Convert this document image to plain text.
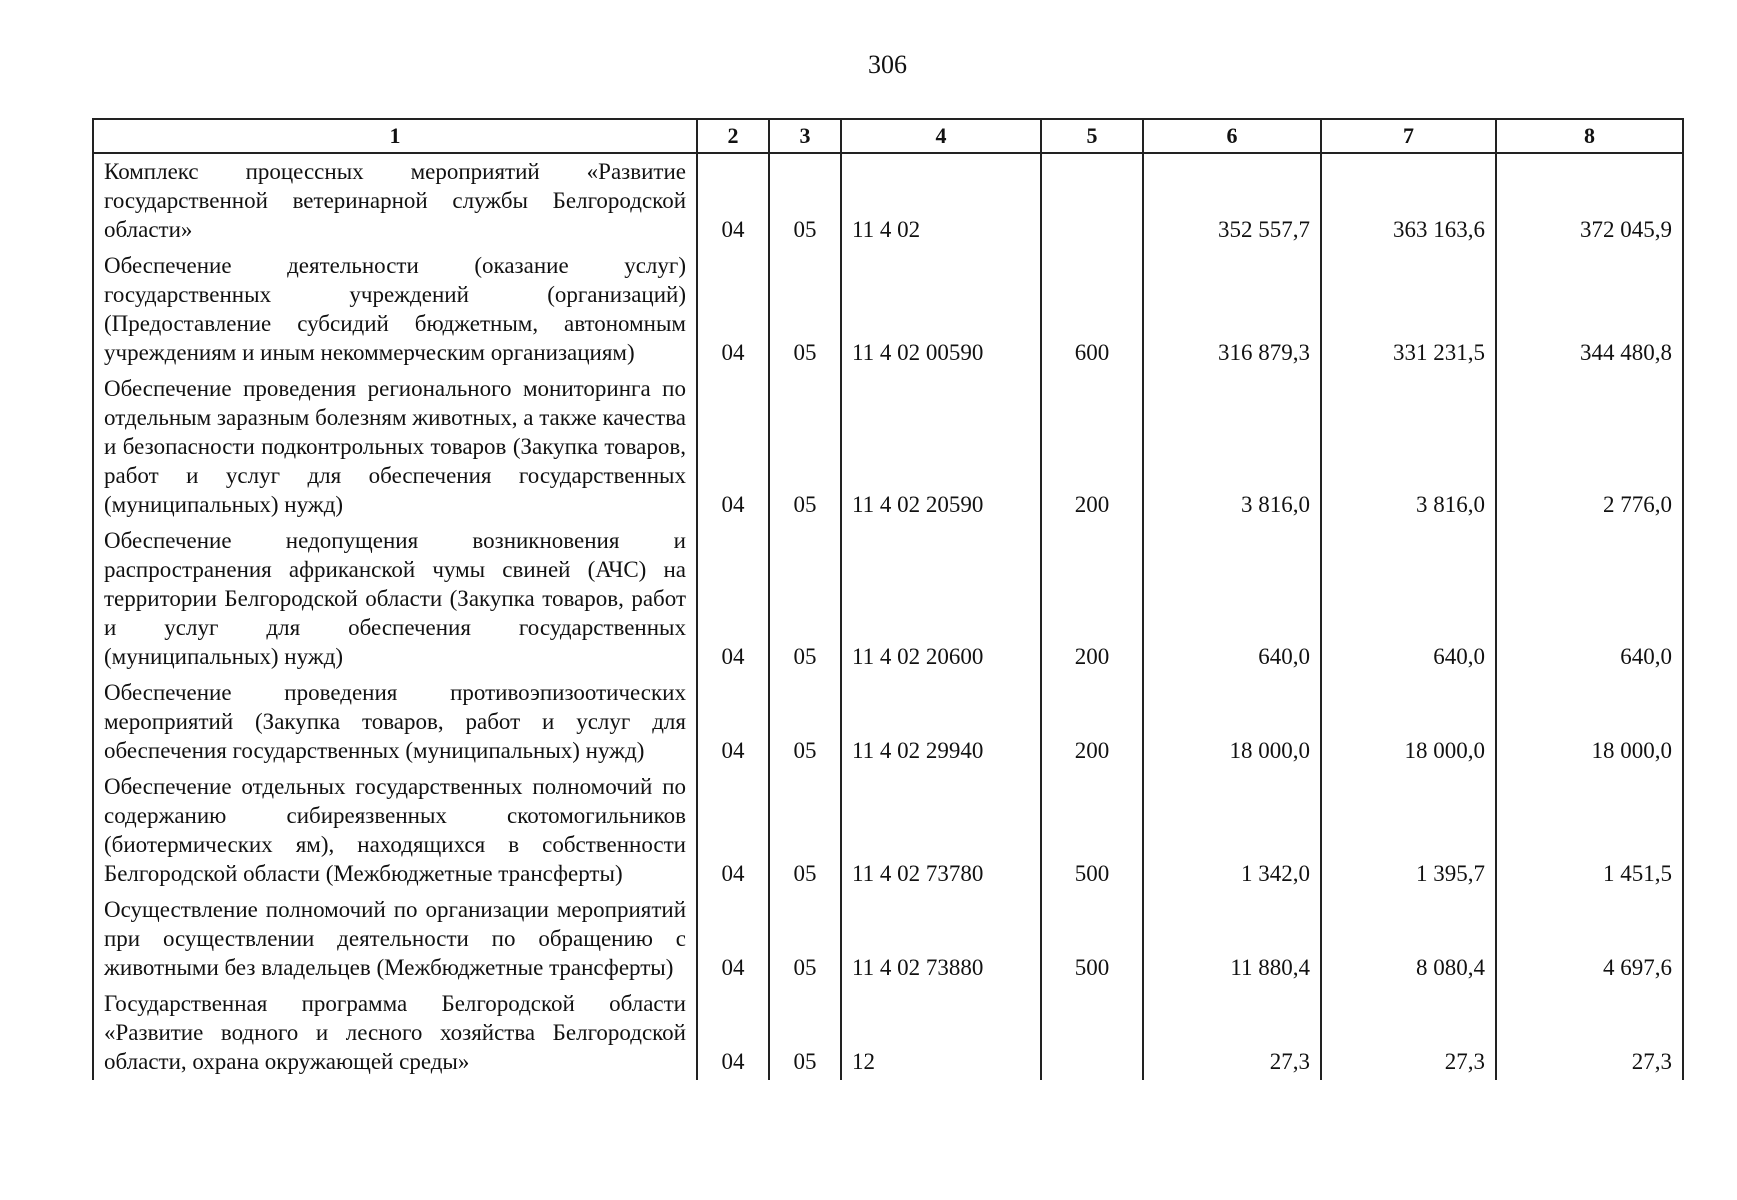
306
1	2	3	4	5	6	7	8
Комплекс процессных мероприятий «Развитие государственной ветеринарной службы Белгородской области»	04	05	11 4 02		352 557,7	363 163,6	372 045,9
Обеспечение деятельности (оказание услуг) государственных учреждений (организаций) (Предоставление субсидий бюджетным, автономным учреждениям и иным некоммерческим организациям)	04	05	11 4 02 00590	600	316 879,3	331 231,5	344 480,8
Обеспечение проведения регионального мониторинга по отдельным заразным болезням животных, а также качества и безопасности подконтрольных товаров (Закупка товаров, работ и услуг для обеспечения государственных (муниципальных) нужд)	04	05	11 4 02 20590	200	3 816,0	3 816,0	2 776,0
Обеспечение недопущения возникновения и распространения африканской чумы свиней (АЧС) на территории Белгородской области (Закупка товаров, работ и услуг для обеспечения государственных (муниципальных) нужд)	04	05	11 4 02 20600	200	640,0	640,0	640,0
Обеспечение проведения противоэпизоотических мероприятий (Закупка товаров, работ и услуг для обеспечения государственных (муниципальных) нужд)	04	05	11 4 02 29940	200	18 000,0	18 000,0	18 000,0
Обеспечение отдельных государственных полномочий по содержанию сибиреязвенных скотомогильников (биотермических ям), находящихся в собственности Белгородской области (Межбюджетные трансферты)	04	05	11 4 02 73780	500	1 342,0	1 395,7	1 451,5
Осуществление полномочий по организации мероприятий при осуществлении деятельности по обращению с животными без владельцев (Межбюджетные трансферты)	04	05	11 4 02 73880	500	11 880,4	8 080,4	4 697,6
Государственная программа Белгородской области «Развитие водного и лесного хозяйства Белгородской области, охрана окружающей среды»	04	05	12		27,3	27,3	27,3
